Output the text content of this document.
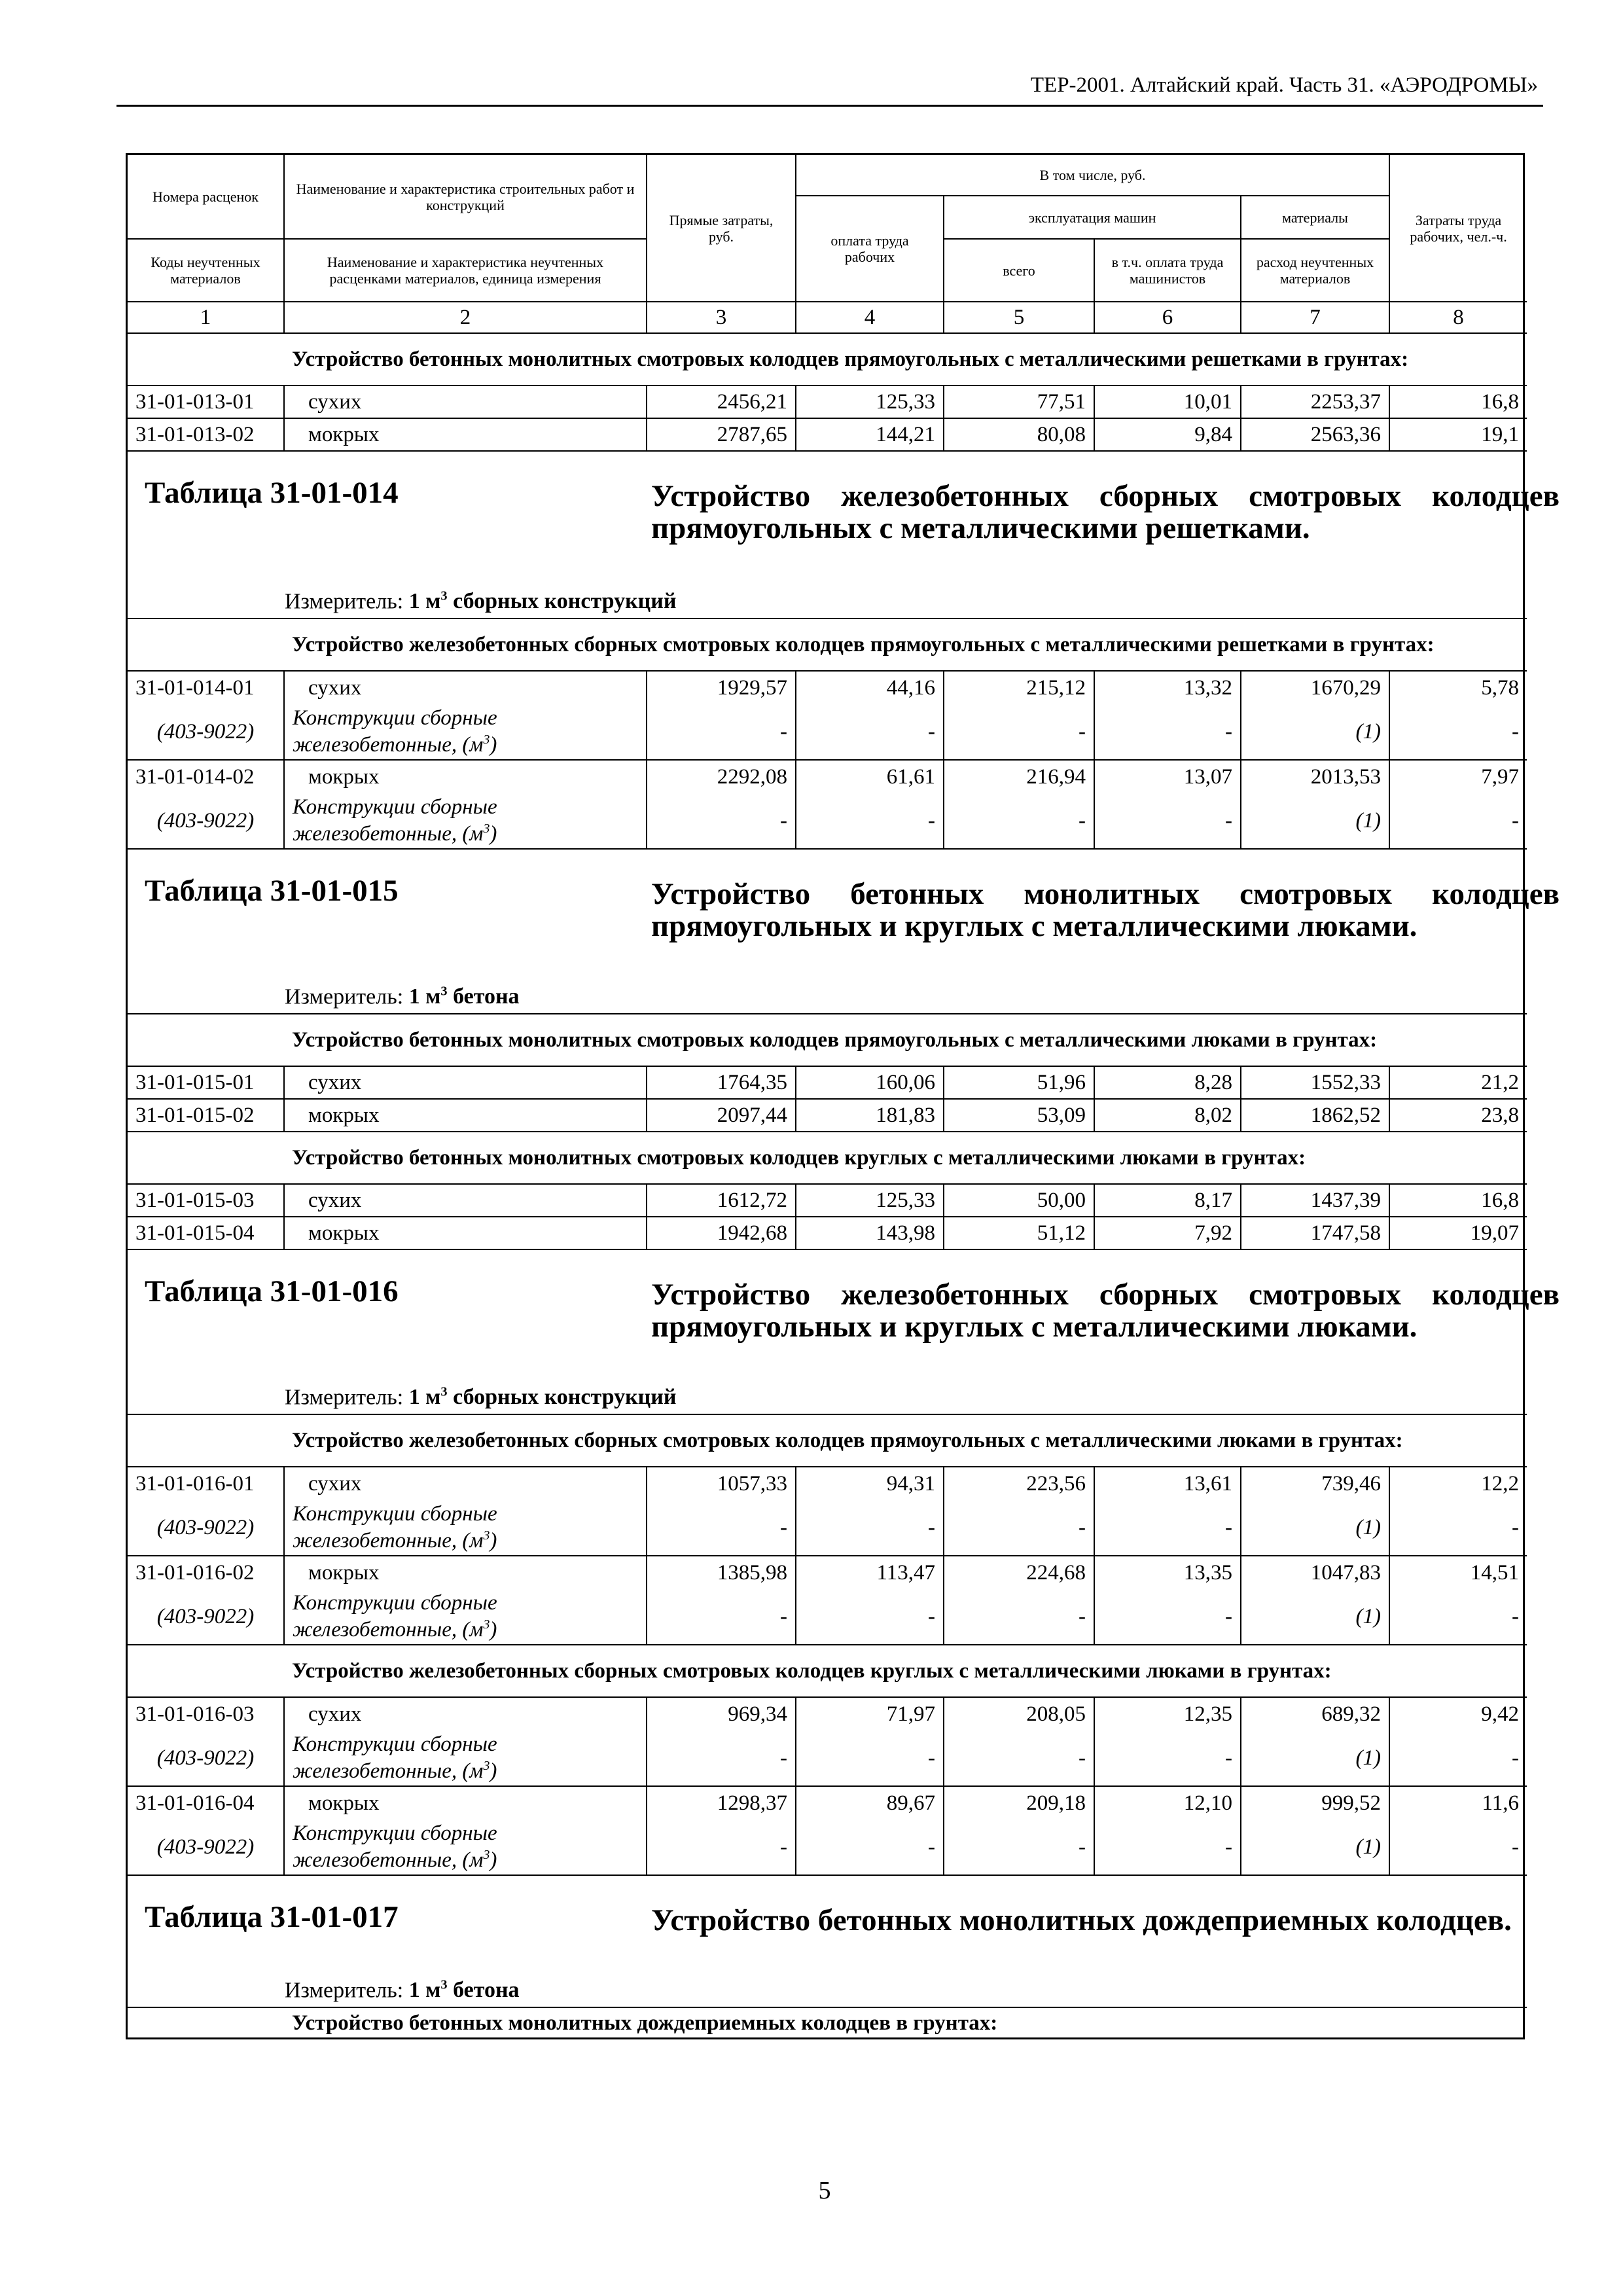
ТЕР-2001. Алтайский край. Часть 31. «АЭРОДРОМЫ»
Номера расценок	Наименование и характеристика строительных работ и конструкций	Прямые затраты, руб.	В том числе, руб.				Затраты труда рабочих, чел.-ч.
			оплата труда рабочих	эксплуатация машин		материалы	
Коды неучтенных материалов	Наименование и характеристика неучтенных расценками материалов, единица измерения			всего	в т.ч. оплата труда машинистов	расход неучтенных материалов	
1	2	3	4	5	6	7	8
	Устройство бетонных монолитных смотровых колодцев прямоугольных с металлическими решетками в грунтах:						
31-01-013-01	сухих	2456,21	125,33	77,51	10,01	2253,37	16,8
31-01-013-02	мокрых	2787,65	144,21	80,08	9,84	2563,36	19,1

Таблица 31-01-014 Устройство железобетонных сборных смотровых колодцев прямоугольных с металлическими решетками.
Измеритель: 1 $м^3$ сборных конструкций							

	Устройство железобетонных сборных смотровых колодцев прямоугольных с металлическими решетками в грунтах:						
31-01-014-01	сухих	1929,57	44,16	215,12	13,32	1670,29	5,78
(403-9022)	Конструкции сборные железобетонные, $(м^3)$	-	-	-	-	(1)	-
31-01-014-02	мокрых	2292,08	61,61	216,94	13,07	2013,53	7,97
(403-9022)	Конструкции сборные железобетонные, $(м^3)$	-	-	-	-	(1)	-

Таблица 31-01-015 Устройство бетонных монолитных смотровых колодцев прямоугольных и круглых с металлическими люками.
Измеритель: 1 $м^3$ бетона							

	Устройство бетонных монолитных смотровых колодцев прямоугольных с металлическими люками в грунтах:						
31-01-015-01	сухих	1764,35	160,06	51,96	8,28	1552,33	21,2
31-01-015-02	мокрых	2097,44	181,83	53,09	8,02	1862,52	23,8
	Устройство бетонных монолитных смотровых колодцев круглых с металлическими люками в грунтах:						
31-01-015-03	сухих	1612,72	125,33	50,00	8,17	1437,39	16,8
31-01-015-04	мокрых	1942,68	143,98	51,12	7,92	1747,58	19,07

Таблица 31-01-016 Устройство железобетонных сборных смотровых колодцев прямоугольных и круглых с металлическими люками.
Измеритель: 1 $м^3$ сборных конструкций							

	Устройство железобетонных сборных смотровых колодцев прямоугольных с металлическими люками в грунтах:						
31-01-016-01	сухих	1057,33	94,31	223,56	13,61	739,46	12,2
(403-9022)	Конструкции сборные железобетонные, $(м^3)$	-	-	-	-	(1)	-
31-01-016-02	мокрых	1385,98	113,47	224,68	13,35	1047,83	14,51
(403-9022)	Конструкции сборные железобетонные, $(м^3)$	-	-	-	-	(1)	-
	Устройство железобетонных сборных смотровых колодцев круглых с металлическими люками в грунтах:						
31-01-016-03	сухих	969,34	71,97	208,05	12,35	689,32	9,42
(403-9022)	Конструкции сборные железобетонные, $(м^3)$	-	-	-	-	(1)	-
31-01-016-04	мокрых	1298,37	89,67	209,18	12,10	999,52	11,6
(403-9022)	Конструкции сборные железобетонные, $(м^3)$	-	-	-	-	(1)	-

Таблица 31-01-017 Устройство бетонных монолитных дождеприемных колодцев.
Измеритель: 1 $м^3$ бетона							

	Устройство бетонных монолитных дождеприемных колодцев в грунтах:						
5
